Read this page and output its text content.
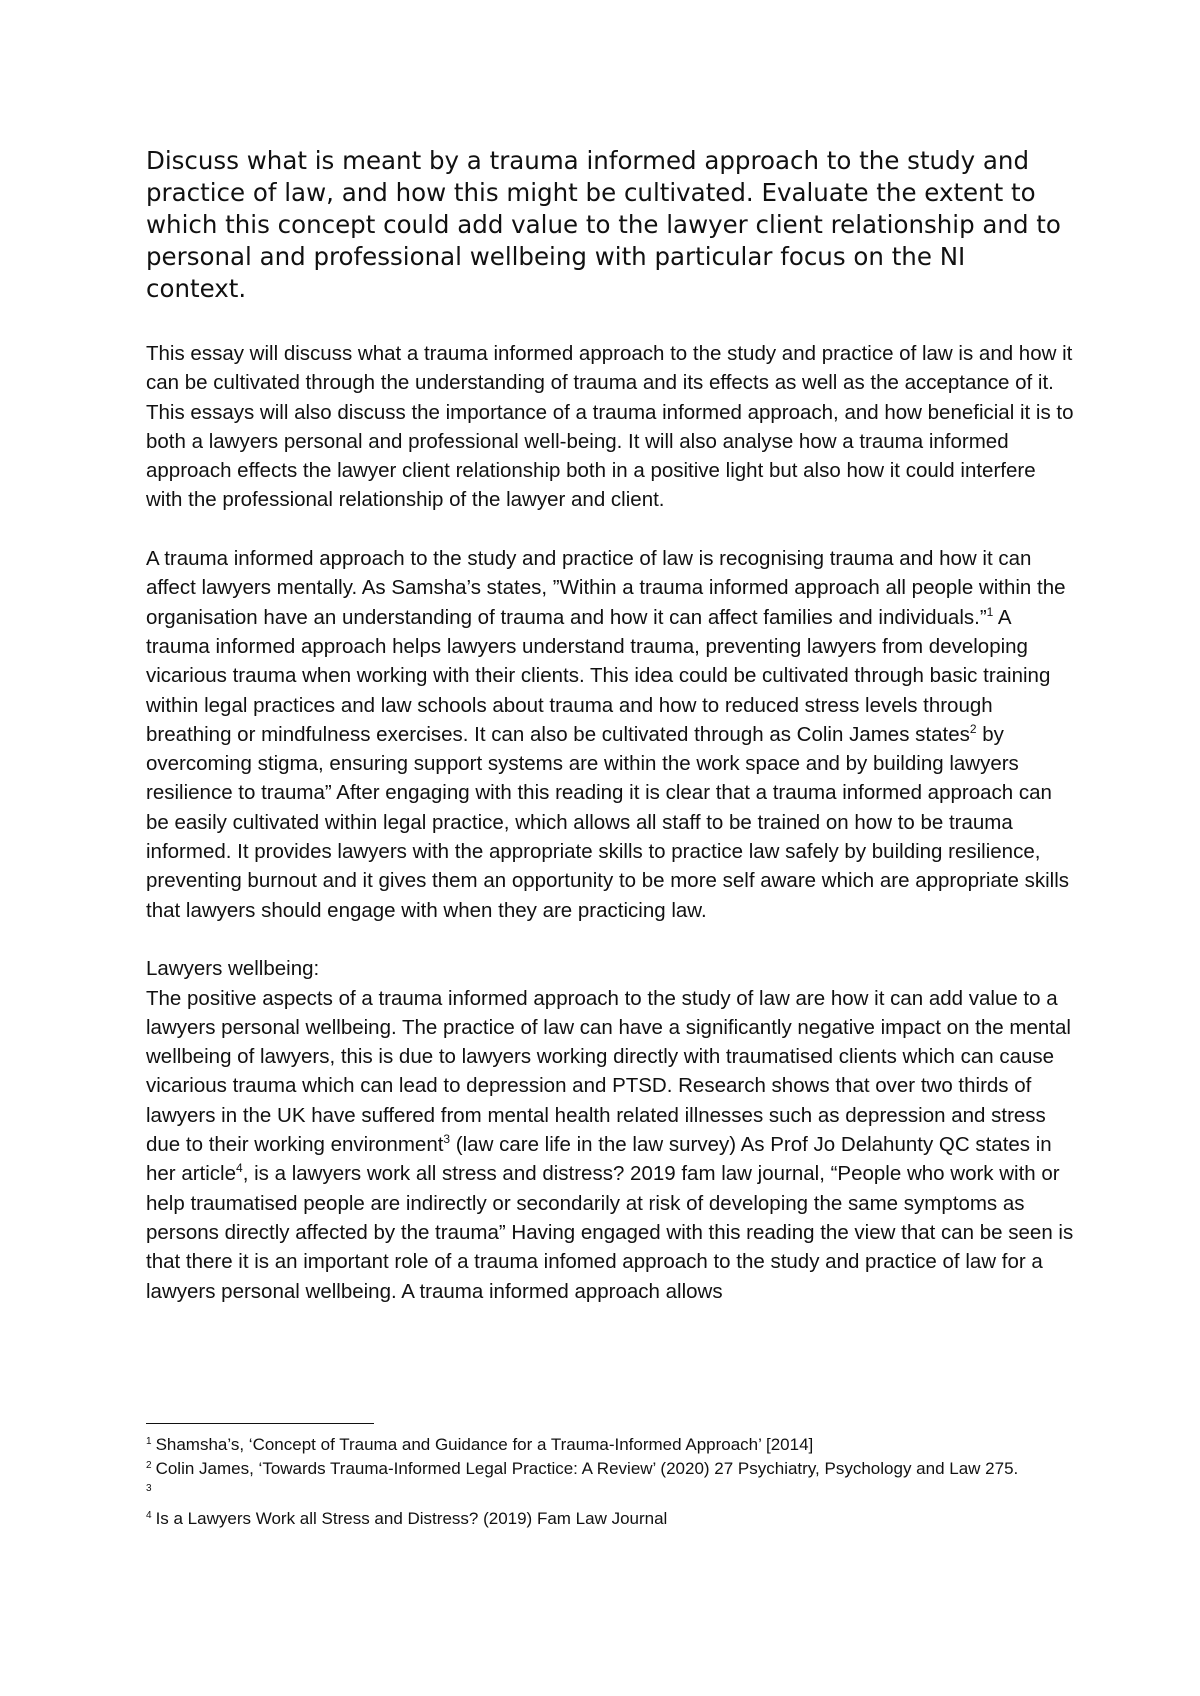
Discuss what is meant by a trauma informed approach to the study and practice of law, and how this might be cultivated. Evaluate the extent to which this concept could add value to the lawyer client relationship and to personal and professional wellbeing with particular focus on the NI context.

This essay will discuss what a trauma informed approach to the study and practice of law is and how it can be cultivated through the understanding of trauma and its effects as well as the acceptance of it. This essays will also discuss the importance of a trauma informed approach, and how beneficial it is to both a lawyers personal and professional well-being. It will also analyse how a trauma informed approach effects the lawyer client relationship both in a positive light but also how it could interfere with the professional relationship of the lawyer and client.

A trauma informed approach to the study and practice of law is recognising trauma and how it can affect lawyers mentally. As Samsha’s states, ”Within a trauma informed approach all people within the organisation have an understanding of trauma and how it can affect families and individuals.”$^1$ A trauma informed approach helps lawyers understand trauma, preventing lawyers from developing vicarious trauma when working with their clients. This idea could be cultivated through basic training within legal practices and law schools about trauma and how to reduced stress levels through breathing or mindfulness exercises. It can also be cultivated through as Colin James states$^2$ by overcoming stigma, ensuring support systems are within the work space and by building lawyers resilience to trauma” After engaging with this reading it is clear that a trauma informed approach can be easily cultivated within legal practice, which allows all staff to be trained on how to be trauma informed. It provides lawyers with the appropriate skills to practice law safely by building resilience, preventing burnout and it gives them an opportunity to be more self aware which are appropriate skills that lawyers should engage with when they are practicing law.

Lawyers wellbeing:

The positive aspects of a trauma informed approach to the study of law are how it can add value to a lawyers personal wellbeing. The practice of law can have a significantly negative impact on the mental wellbeing of lawyers, this is due to lawyers working directly with traumatised clients which can cause vicarious trauma which can lead to depression and PTSD. Research shows that over two thirds of lawyers in the UK have suffered from mental health related illnesses such as depression and stress due to their working environment$^3$ (law care life in the law survey) As Prof Jo Delahunty QC states in her article$^4$, is a lawyers work all stress and distress? 2019 fam law journal, “People who work with or help traumatised people are indirectly or secondarily at risk of developing the same symptoms as persons directly affected by the trauma” Having engaged with this reading the view that can be seen is that there it is an important role of a trauma infomed approach to the study and practice of law for a lawyers personal wellbeing. A trauma informed approach allows

$^1$ Shamsha’s, ‘Concept of Trauma and Guidance for a Trauma-Informed Approach’ [2014]

$^2$ Colin James, ‘Towards Trauma-Informed Legal Practice: A Review’ (2020) 27 Psychiatry, Psychology and Law 275.

$^3$

$^4$ Is a Lawyers Work all Stress and Distress? (2019) Fam Law Journal
